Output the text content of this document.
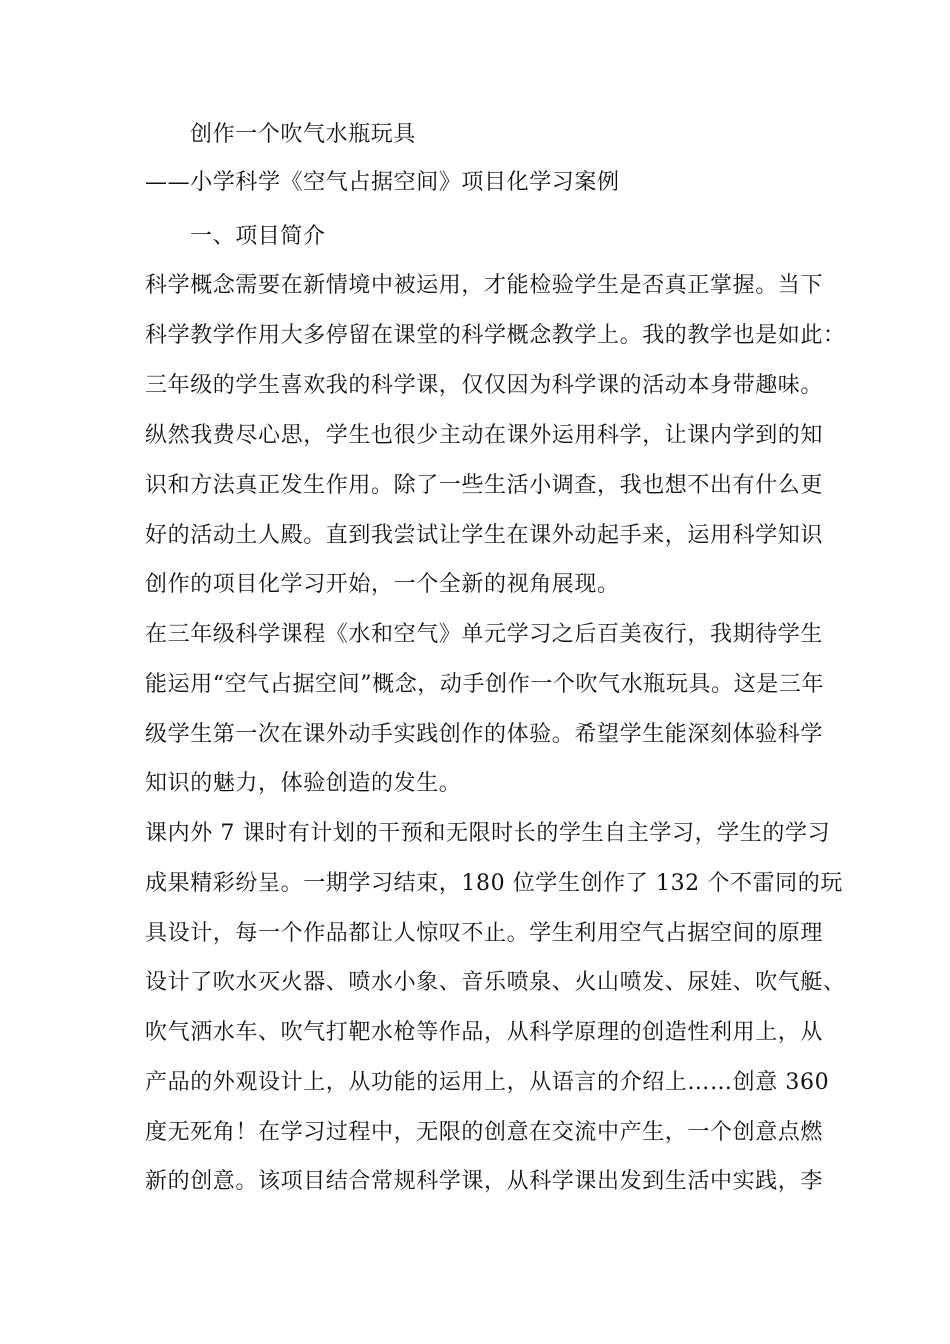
创作一个吹气水瓶玩具
——小学科学《空气占据空间》项目化学习案例
一、项目简介
科学概念需要在新情境中被运用，才能检验学生是否真正掌握。当下
科学教学作用大多停留在课堂的科学概念教学上。我的教学也是如此：
三年级的学生喜欢我的科学课，仅仅因为科学课的活动本身带趣味。
纵然我费尽心思，学生也很少主动在课外运用科学，让课内学到的知
识和方法真正发生作用。除了一些生活小调查，我也想不出有什么更
好的活动土人殿。直到我尝试让学生在课外动起手来，运用科学知识
创作的项目化学习开始，一个全新的视角展现。
在三年级科学课程《水和空气》单元学习之后百美夜行，我期待学生
能运用“空气占据空间”概念，动手创作一个吹气水瓶玩具。这是三年
级学生第一次在课外动手实践创作的体验。希望学生能深刻体验科学
知识的魅力，体验创造的发生。
课内外 7 课时有计划的干预和无限时长的学生自主学习，学生的学习
成果精彩纷呈。一期学习结束，180 位学生创作了 132 个不雷同的玩
具设计，每一个作品都让人惊叹不止。学生利用空气占据空间的原理
设计了吹水灭火器、喷水小象、音乐喷泉、火山喷发、尿娃、吹气艇、
吹气洒水车、吹气打靶水枪等作品，从科学原理的创造性利用上，从
产品的外观设计上，从功能的运用上，从语言的介绍上……创意 360
度无死角！在学习过程中，无限的创意在交流中产生，一个创意点燃
新的创意。该项目结合常规科学课，从科学课出发到生活中实践，李
